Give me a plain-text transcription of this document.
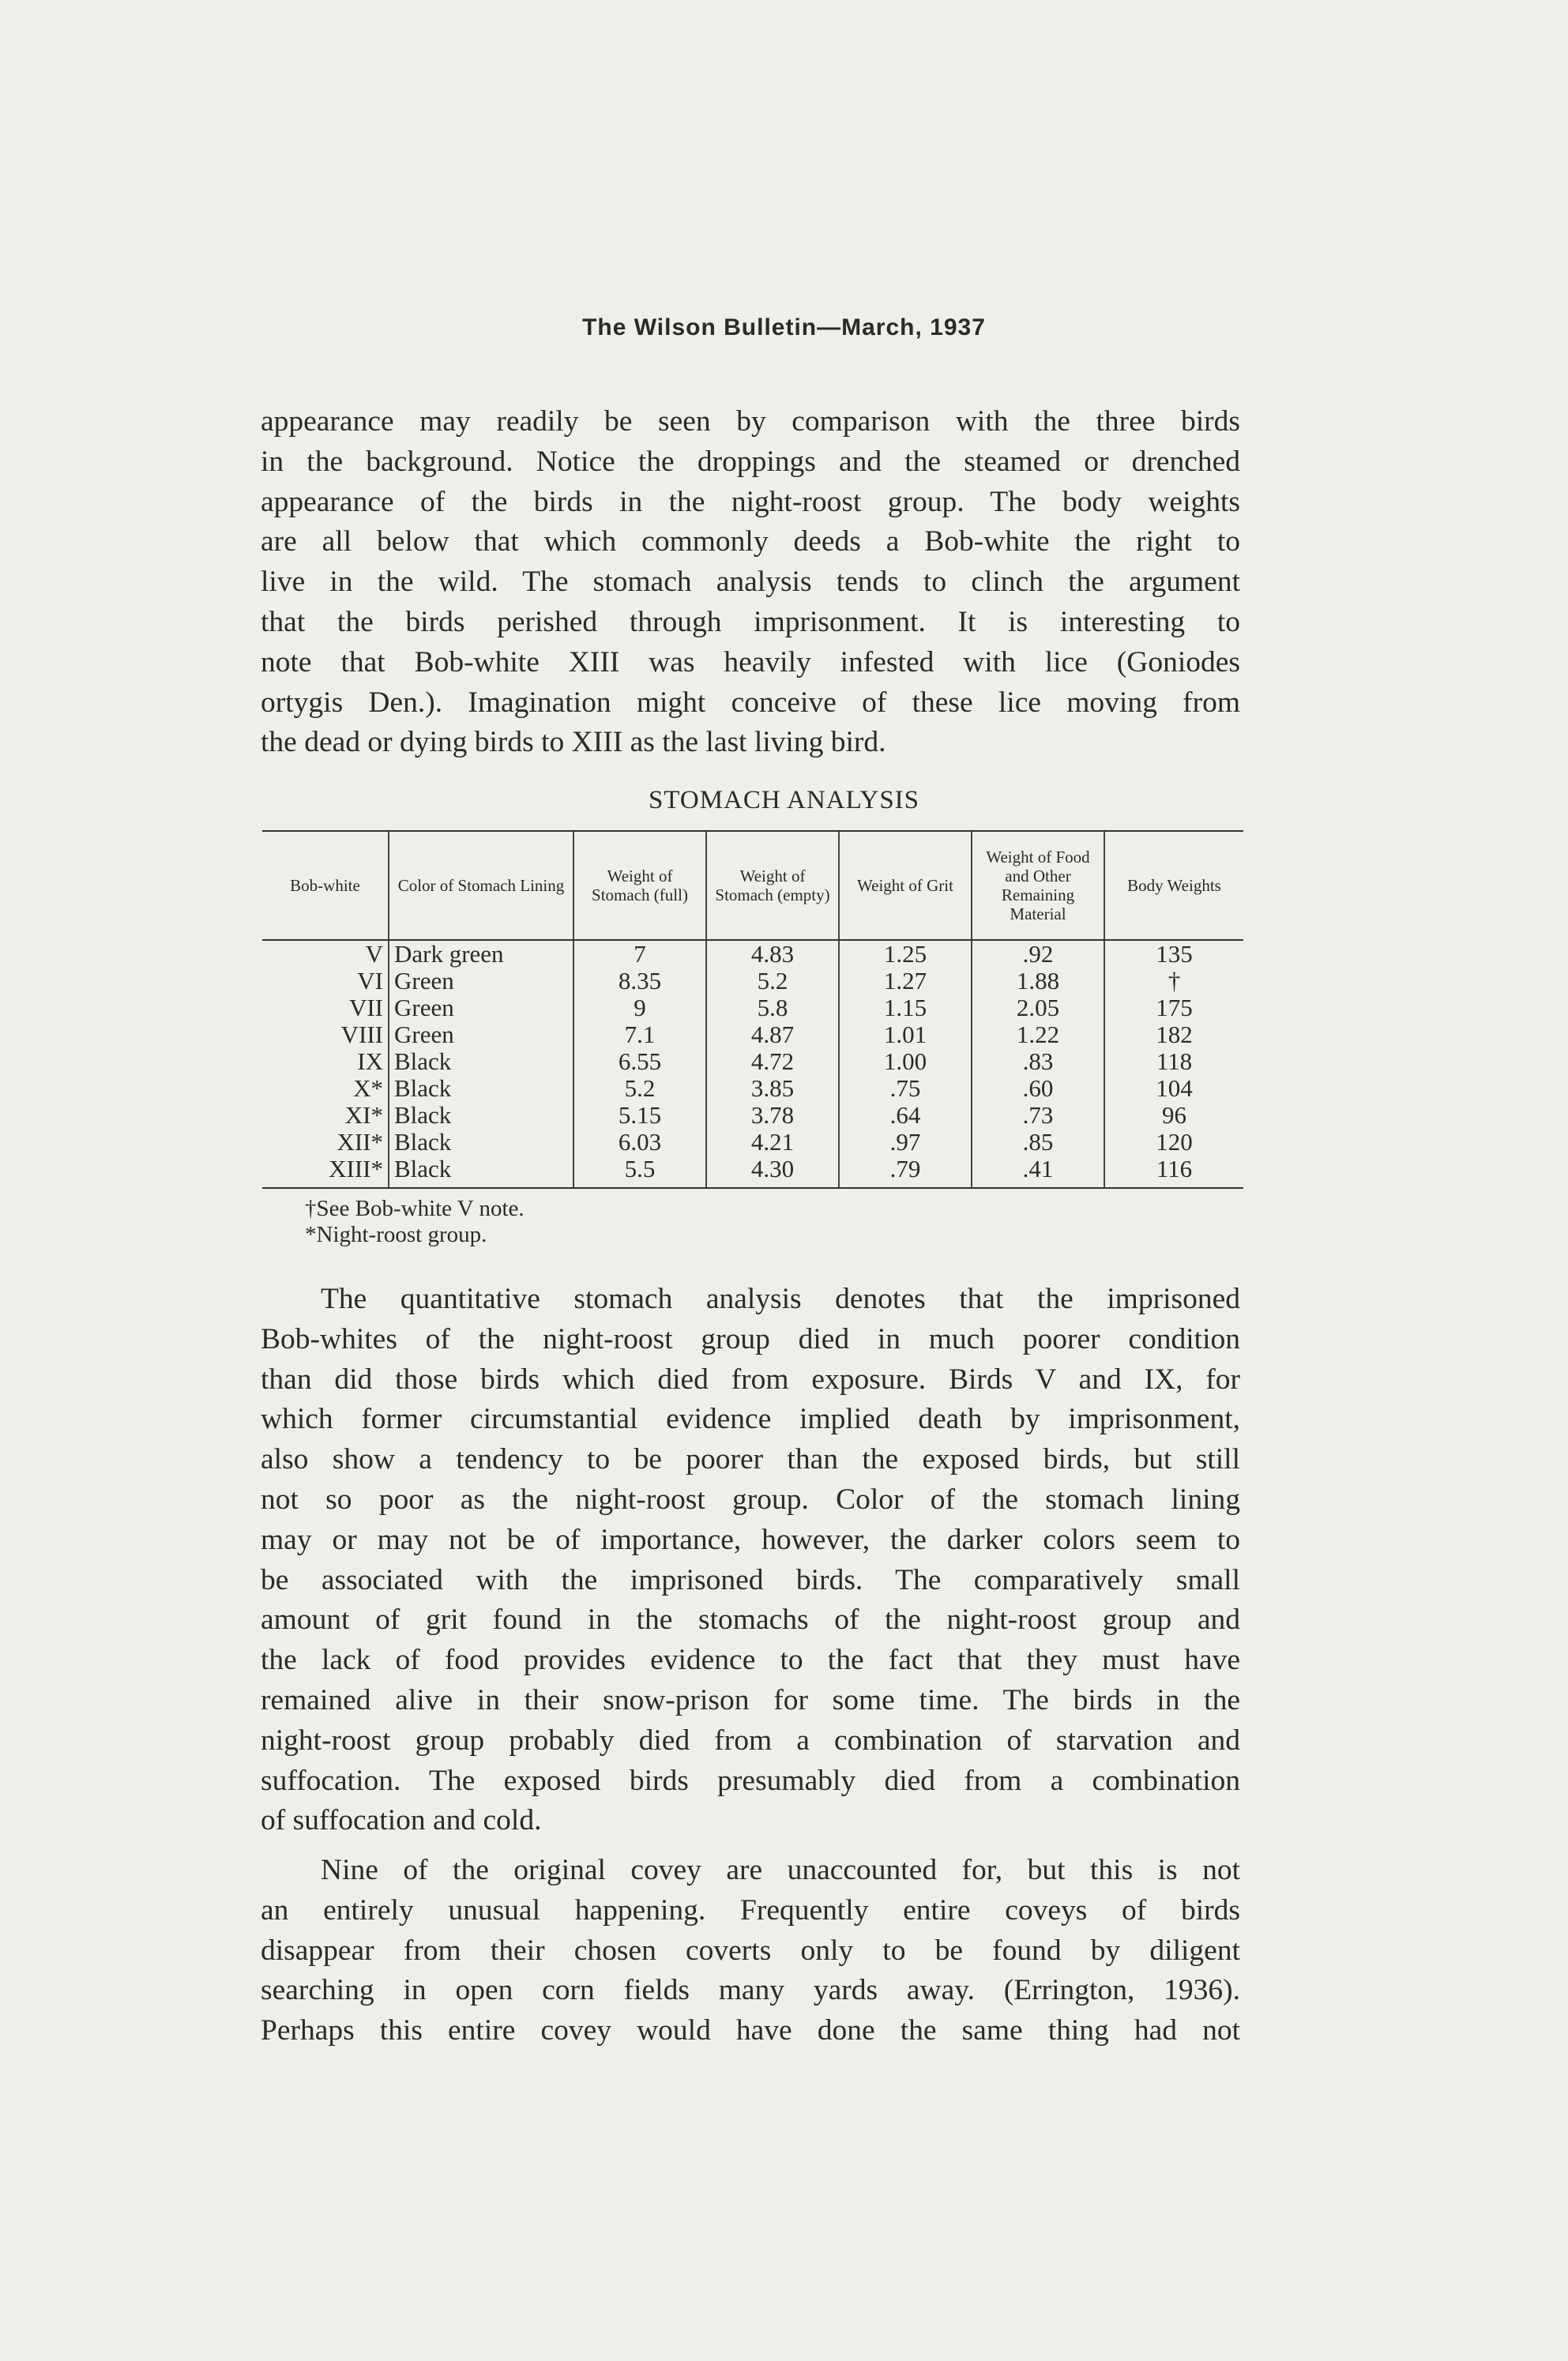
The Wilson Bulletin—March, 1937
appearance may readily be seen by comparison with the three birds
in the background. Notice the droppings and the steamed or drenched
appearance of the birds in the night-roost group. The body weights
are all below that which commonly deeds a Bob-white the right to
live in the wild. The stomach analysis tends to clinch the argument
that the birds perished through imprisonment. It is interesting to
note that Bob-white XIII was heavily infested with lice (Goniodes
ortygis Den.). Imagination might conceive of these lice moving from
the dead or dying birds to XIII as the last living bird.
STOMACH ANALYSIS
Bob-white	Color of Stomach Lining	Weight of Stomach (full)	Weight of Stomach (empty)	Weight of Grit	Weight of Food and Other Remaining Material	Body Weights
V	Dark green	7	4.83	1.25	.92	135
VI	Green	8.35	5.2	1.27	1.88	†
VII	Green	9	5.8	1.15	2.05	175
VIII	Green	7.1	4.87	1.01	1.22	182
IX	Black	6.55	4.72	1.00	.83	118
X*	Black	5.2	3.85	.75	.60	104
XI*	Black	5.15	3.78	.64	.73	96
XII*	Black	6.03	4.21	.97	.85	120
XIII*	Black	5.5	4.30	.79	.41	116
†See Bob-white V note.
*Night-roost group.
The quantitative stomach analysis denotes that the imprisoned
Bob-whites of the night-roost group died in much poorer condition
than did those birds which died from exposure. Birds V and IX, for
which former circumstantial evidence implied death by imprisonment,
also show a tendency to be poorer than the exposed birds, but still
not so poor as the night-roost group. Color of the stomach lining
may or may not be of importance, however, the darker colors seem to
be associated with the imprisoned birds. The comparatively small
amount of grit found in the stomachs of the night-roost group and
the lack of food provides evidence to the fact that they must have
remained alive in their snow-prison for some time. The birds in the
night-roost group probably died from a combination of starvation and
suffocation. The exposed birds presumably died from a combination
of suffocation and cold.
Nine of the original covey are unaccounted for, but this is not
an entirely unusual happening. Frequently entire coveys of birds
disappear from their chosen coverts only to be found by diligent
searching in open corn fields many yards away. (Errington, 1936).
Perhaps this entire covey would have done the same thing had not
